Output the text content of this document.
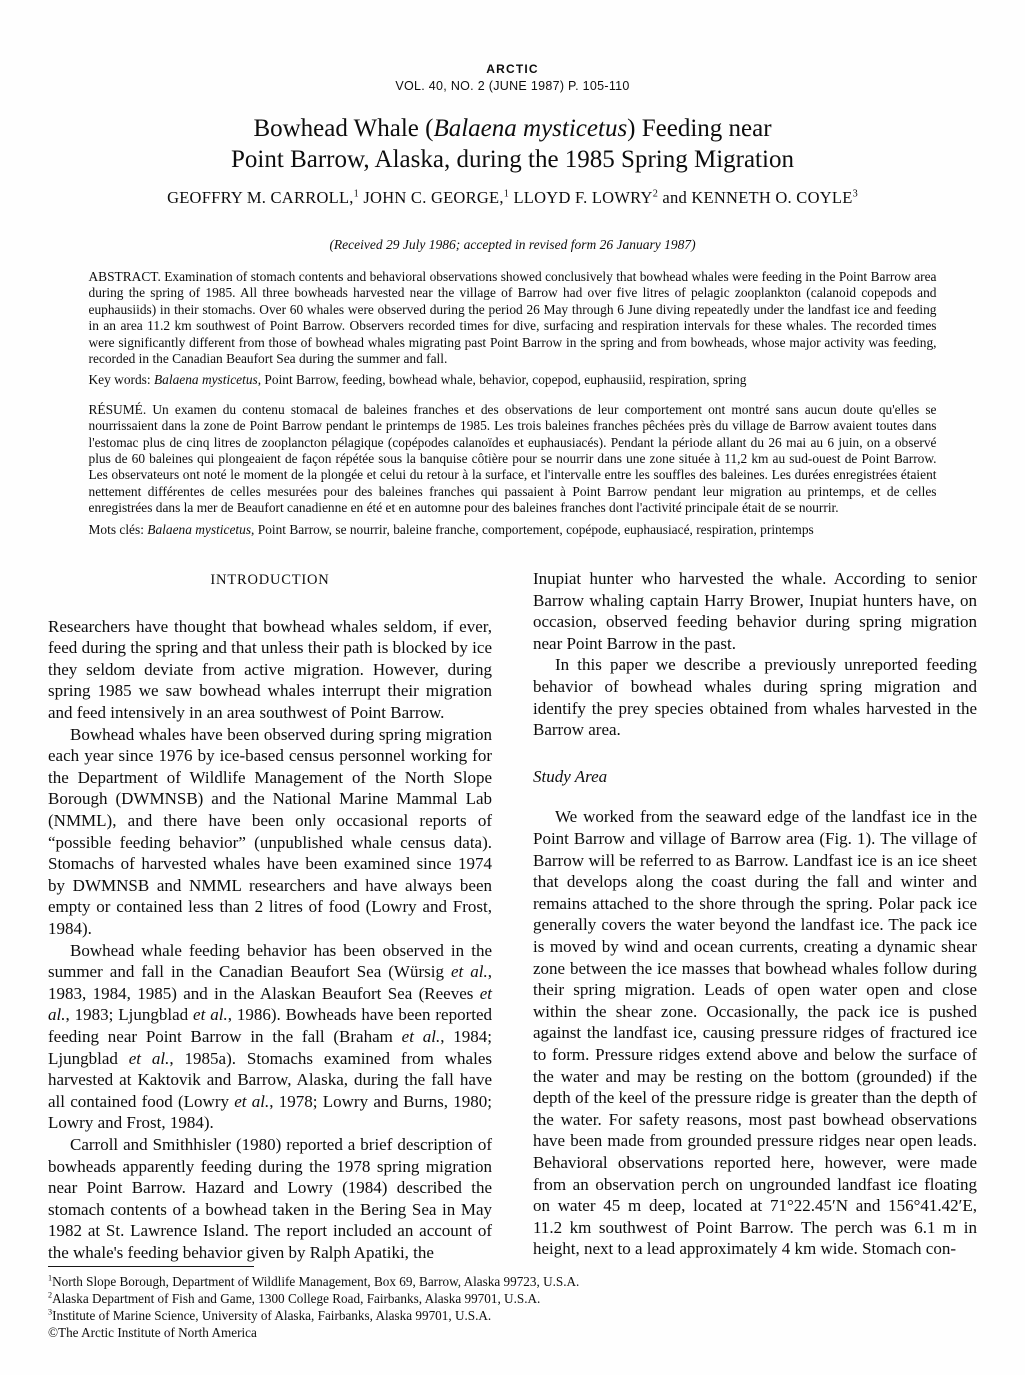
ARCTIC
VOL. 40, NO. 2 (JUNE 1987) P. 105-110
Bowhead Whale (Balaena mysticetus) Feeding near
Point Barrow, Alaska, during the 1985 Spring Migration
GEOFFRY M. CARROLL,$^1$ JOHN C. GEORGE,$^1$ LLOYD F. LOWRY$^2$ and KENNETH O. COYLE$^3$
(Received 29 July 1986; accepted in revised form 26 January 1987)

ABSTRACT. Examination of stomach contents and behavioral observations showed conclusively that bowhead whales were feeding in the Point Barrow area during the spring of 1985. All three bowheads harvested near the village of Barrow had over five litres of pelagic zooplankton (calanoid copepods and euphausiids) in their stomachs. Over 60 whales were observed during the period 26 May through 6 June diving repeatedly under the landfast ice and feeding in an area 11.2 km southwest of Point Barrow. Observers recorded times for dive, surfacing and respiration intervals for these whales. The recorded times were significantly different from those of bowhead whales migrating past Point Barrow in the spring and from bowheads, whose major activity was feeding, recorded in the Canadian Beaufort Sea during the summer and fall.

Key words: Balaena mysticetus, Point Barrow, feeding, bowhead whale, behavior, copepod, euphausiid, respiration, spring

RÉSUMÉ. Un examen du contenu stomacal de baleines franches et des observations de leur comportement ont montré sans aucun doute qu'elles se nourrissaient dans la zone de Point Barrow pendant le printemps de 1985. Les trois baleines franches pêchées près du village de Barrow avaient toutes dans l'estomac plus de cinq litres de zooplancton pélagique (copépodes calanoïdes et euphausiacés). Pendant la période allant du 26 mai au 6 juin, on a observé plus de 60 baleines qui plongeaient de façon répétée sous la banquise côtière pour se nourrir dans une zone située à 11,2 km au sud-ouest de Point Barrow. Les observateurs ont noté le moment de la plongée et celui du retour à la surface, et l'intervalle entre les souffles des baleines. Les durées enregistrées étaient nettement différentes de celles mesurées pour des baleines franches qui passaient à Point Barrow pendant leur migration au printemps, et de celles enregistrées dans la mer de Beaufort canadienne en été et en automne pour des baleines franches dont l'activité principale était de se nourrir.

Mots clés: Balaena mysticetus, Point Barrow, se nourrir, baleine franche, comportement, copépode, euphausiacé, respiration, printemps

INTRODUCTION

Researchers have thought that bowhead whales seldom, if ever, feed during the spring and that unless their path is blocked by ice they seldom deviate from active migration. However, during spring 1985 we saw bowhead whales interrupt their migration and feed intensively in an area southwest of Point Barrow.

Bowhead whales have been observed during spring migration each year since 1976 by ice-based census personnel working for the Department of Wildlife Management of the North Slope Borough (DWMNSB) and the National Marine Mammal Lab (NMML), and there have been only occasional reports of “possible feeding behavior” (unpublished whale census data). Stomachs of harvested whales have been examined since 1974 by DWMNSB and NMML researchers and have always been empty or contained less than 2 litres of food (Lowry and Frost, 1984).

Bowhead whale feeding behavior has been observed in the summer and fall in the Canadian Beaufort Sea (Würsig et al., 1983, 1984, 1985) and in the Alaskan Beaufort Sea (Reeves et al., 1983; Ljungblad et al., 1986). Bowheads have been reported feeding near Point Barrow in the fall (Braham et al., 1984; Ljungblad et al., 1985a). Stomachs examined from whales harvested at Kaktovik and Barrow, Alaska, during the fall have all contained food (Lowry et al., 1978; Lowry and Burns, 1980; Lowry and Frost, 1984).

Carroll and Smithhisler (1980) reported a brief description of bowheads apparently feeding during the 1978 spring migration near Point Barrow. Hazard and Lowry (1984) described the stomach contents of a bowhead taken in the Bering Sea in May 1982 at St. Lawrence Island. The report included an account of the whale's feeding behavior given by Ralph Apatiki, the

Inupiat hunter who harvested the whale. According to senior Barrow whaling captain Harry Brower, Inupiat hunters have, on occasion, observed feeding behavior during spring migration near Point Barrow in the past.

In this paper we describe a previously unreported feeding behavior of bowhead whales during spring migration and identify the prey species obtained from whales harvested in the Barrow area.

Study Area

We worked from the seaward edge of the landfast ice in the Point Barrow and village of Barrow area (Fig. 1). The village of Barrow will be referred to as Barrow. Landfast ice is an ice sheet that develops along the coast during the fall and winter and remains attached to the shore through the spring. Polar pack ice generally covers the water beyond the landfast ice. The pack ice is moved by wind and ocean currents, creating a dynamic shear zone between the ice masses that bowhead whales follow during their spring migration. Leads of open water open and close within the shear zone. Occasionally, the pack ice is pushed against the landfast ice, causing pressure ridges of fractured ice to form. Pressure ridges extend above and below the surface of the water and may be resting on the bottom (grounded) if the depth of the keel of the pressure ridge is greater than the depth of the water. For safety reasons, most past bowhead observations have been made from grounded pressure ridges near open leads. Behavioral observations reported here, however, were made from an observation perch on ungrounded landfast ice floating on water 45 m deep, located at 71°22.45′N and 156°41.42′E, 11.2 km southwest of Point Barrow. The perch was 6.1 m in height, next to a lead approximately 4 km wide. Stomach con-

$^1$North Slope Borough, Department of Wildlife Management, Box 69, Barrow, Alaska 99723, U.S.A.

$^2$Alaska Department of Fish and Game, 1300 College Road, Fairbanks, Alaska 99701, U.S.A.

$^3$Institute of Marine Science, University of Alaska, Fairbanks, Alaska 99701, U.S.A.

©The Arctic Institute of North America
